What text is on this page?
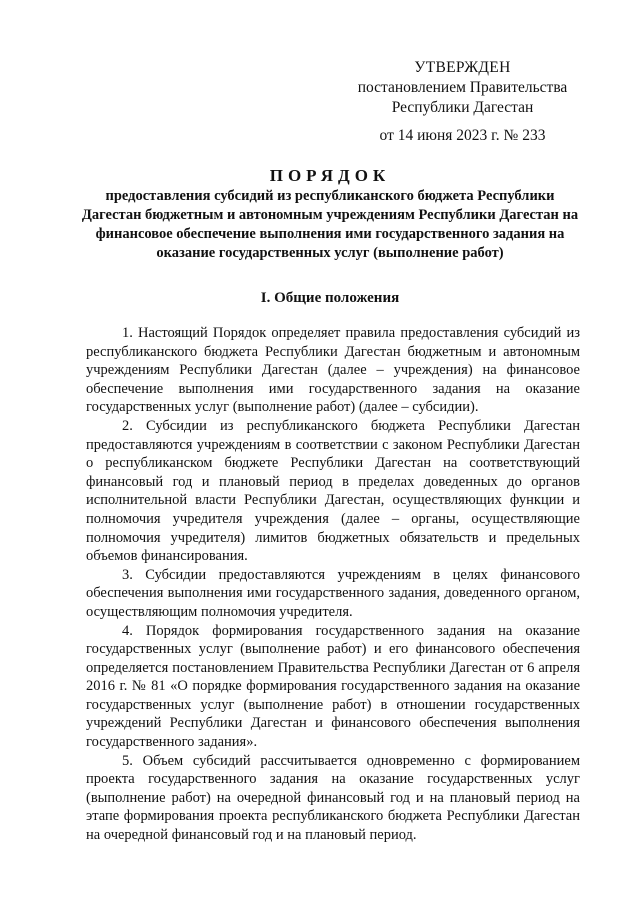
УТВЕРЖДЕН
постановлением Правительства
Республики Дагестан
от 14 июня 2023 г. № 233
ПОРЯДОК
предоставления субсидий из республиканского бюджета Республики Дагестан бюджетным и автономным учреждениям Республики Дагестан на финансовое обеспечение выполнения ими государственного задания на оказание государственных услуг (выполнение работ)
I. Общие положения

1. Настоящий Порядок определяет правила предоставления субсидий из республиканского бюджета Республики Дагестан бюджетным и автономным учреждениям Республики Дагестан (далее – учреждения) на финансовое обеспечение выполнения ими государственного задания на оказание государственных услуг (выполнение работ) (далее – субсидии).

2. Субсидии из республиканского бюджета Республики Дагестан предоставляются учреждениям в соответствии с законом Республики Дагестан о республиканском бюджете Республики Дагестан на соответствующий финансовый год и плановый период в пределах доведенных до органов исполнительной власти Республики Дагестан, осуществляющих функции и полномочия учредителя учреждения (далее – органы, осуществляющие полномочия учредителя) лимитов бюджетных обязательств и предельных объемов финансирования.

3. Субсидии предоставляются учреждениям в целях финансового обеспечения выполнения ими государственного задания, доведенного органом, осуществляющим полномочия учредителя.

4. Порядок формирования государственного задания на оказание государственных услуг (выполнение работ) и его финансового обеспечения определяется постановлением Правительства Республики Дагестан от 6 апреля 2016 г. № 81 «О порядке формирования государственного задания на оказание государственных услуг (выполнение работ) в отношении государственных учреждений Республики Дагестан и финансового обеспечения выполнения государственного задания».

5. Объем субсидий рассчитывается одновременно с формированием проекта государственного задания на оказание государственных услуг (выполнение работ) на очередной финансовый год и на плановый период на этапе формирования проекта республиканского бюджета Республики Дагестан на очередной финансовый год и на плановый период.
